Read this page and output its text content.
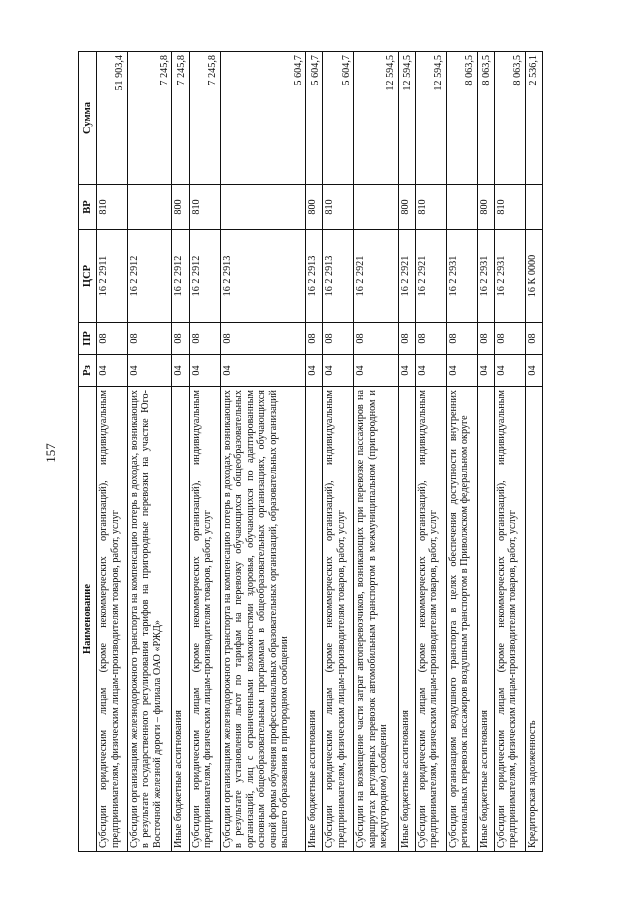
157
Наименование	Рз	ПР	ЦСР	ВР	Сумма
Субсидии юридическим лицам (кроме некоммерческих организаций), индивидуальным предпринимателям, физическим лицам-производителям товаров, работ, услуг	04	08	16 2 2911	810	51 903,4
Субсидии организациям железнодорожного транспорта на компенсацию потерь в доходах, возникающих в результате государственного регулирования тарифов на пригородные перевозки на участке Юго-Восточной железной дороги – филиала ОАО «РЖД»	04	08	16 2 2912		7 245,8
Иные бюджетные ассигнования	04	08	16 2 2912	800	7 245,8
Субсидии юридическим лицам (кроме некоммерческих организаций), индивидуальным предпринимателям, физическим лицам-производителям товаров, работ, услуг	04	08	16 2 2912	810	7 245,8
Субсидии организациям железнодорожного транспорта на компенсацию потерь в доходах, возникающих в результате установления льгот по тарифам на перевозку обучающихся общеобразовательных организаций, лиц с ограниченными возможностями здоровья, обучающихся по адаптированным основным общеобразовательным программам в общеобразовательных организациях, обучающихся очной формы обучения профессиональных образовательных организаций, образовательных организаций высшего образования в пригородном сообщении	04	08	16 2 2913		5 604,7
Иные бюджетные ассигнования	04	08	16 2 2913	800	5 604,7
Субсидии юридическим лицам (кроме некоммерческих организаций), индивидуальным предпринимателям, физическим лицам-производителям товаров, работ, услуг	04	08	16 2 2913	810	5 604,7
Субсидии на возмещение части затрат автоперевозчиков, возникающих при перевозке пассажиров на маршрутах регулярных перевозок автомобильным транспортом в межмуниципальном (пригородном и междугородном) сообщении	04	08	16 2 2921		12 594,5
Иные бюджетные ассигнования	04	08	16 2 2921	800	12 594,5
Субсидии юридическим лицам (кроме некоммерческих организаций), индивидуальным предпринимателям, физическим лицам-производителям товаров, работ, услуг	04	08	16 2 2921	810	12 594,5
Субсидии организациям воздушного транспорта в целях обеспечения доступности внутренних региональных перевозок пассажиров воздушным транспортом в Приволжском федеральном округе	04	08	16 2 2931		8 063,5
Иные бюджетные ассигнования	04	08	16 2 2931	800	8 063,5
Субсидии юридическим лицам (кроме некоммерческих организаций), индивидуальным предпринимателям, физическим лицам-производителям товаров, работ, услуг	04	08	16 2 2931	810	8 063,5
Кредиторская задолженность	04	08	16 К 0000		2 536,1
